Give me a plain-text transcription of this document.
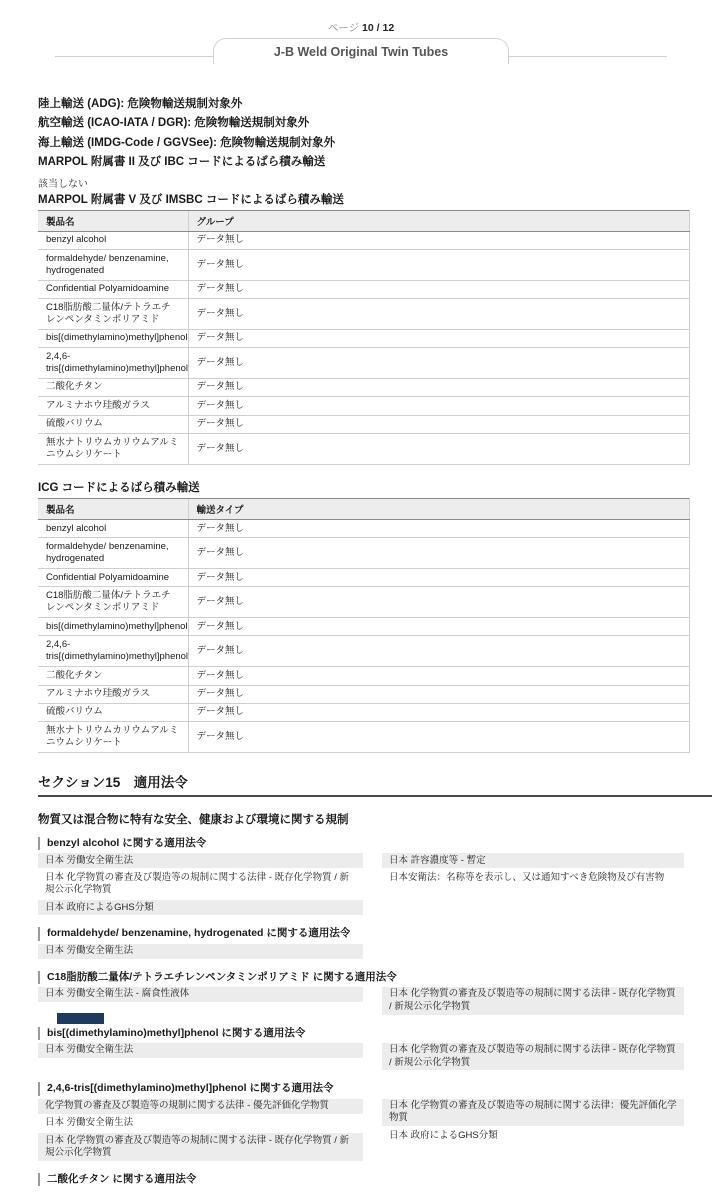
ページ 10 / 12
J-B Weld Original Twin Tubes
陸上輸送 (ADG): 危険物輸送規制対象外
航空輸送 (ICAO-IATA / DGR): 危険物輸送規制対象外
海上輸送 (IMDG-Code / GGVSee): 危険物輸送規制対象外
MARPOL 附属書 II 及び IBC コードによるばら積み輸送
該当しない
MARPOL 附属書 V 及び IMSBC コードによるばら積み輸送
製品名	グループ
benzyl alcohol	データ無し
formaldehyde/ benzenamine, hydrogenated	データ無し
Confidential Polyamidoamine	データ無し
C18脂肪酸二量体/テトラエチレンペンタミンポリアミド	データ無し
bis[(dimethylamino)methyl]phenol	データ無し
2,4,6-tris[(dimethylamino)methyl]phenol	データ無し
二酸化チタン	データ無し
アルミナホウ珪酸ガラス	データ無し
硫酸バリウム	データ無し
無水ナトリウムカリウムアルミニウムシリケート	データ無し
ICG コードによるばら積み輸送
製品名	輸送タイプ
benzyl alcohol	データ無し
formaldehyde/ benzenamine, hydrogenated	データ無し
Confidential Polyamidoamine	データ無し
C18脂肪酸二量体/テトラエチレンペンタミンポリアミド	データ無し
bis[(dimethylamino)methyl]phenol	データ無し
2,4,6-tris[(dimethylamino)methyl]phenol	データ無し
二酸化チタン	データ無し
アルミナホウ珪酸ガラス	データ無し
硫酸バリウム	データ無し
無水ナトリウムカリウムアルミニウムシリケート	データ無し
セクション15　適用法令
物質又は混合物に特有な安全、健康および環境に関する規制
benzyl alcohol に関する適用法令
日本 労働安全衛生法
日本 化学物質の審査及び製造等の規制に関する法律 - 既存化学物質 / 新規公示化学物質
日本 政府によるGHS分類
日本 許容濃度等 - 暫定
日本安衛法：名称等を表示し、又は通知すべき危険物及び有害物
formaldehyde/ benzenamine, hydrogenated に関する適用法令
日本 労働安全衛生法
C18脂肪酸二量体/テトラエチレンペンタミンポリアミド に関する適用法令
日本 労働安全衛生法 - 腐食性液体	日本 化学物質の審査及び製造等の規制に関する法律 - 既存化学物質 / 新規公示化学物質
bis[(dimethylamino)methyl]phenol に関する適用法令
日本 労働安全衛生法	日本 化学物質の審査及び製造等の規制に関する法律 - 既存化学物質 / 新規公示化学物質
2,4,6-tris[(dimethylamino)methyl]phenol に関する適用法令
化学物質の審査及び製造等の規制に関する法律 - 優先評価化学物質
日本 労働安全衛生法
日本 化学物質の審査及び製造等の規制に関する法律 - 既存化学物質 / 新規公示化学物質
日本 化学物質の審査及び製造等の規制に関する法律：優先評価化学物質
日本 政府によるGHS分類
二酸化チタン に関する適用法令
